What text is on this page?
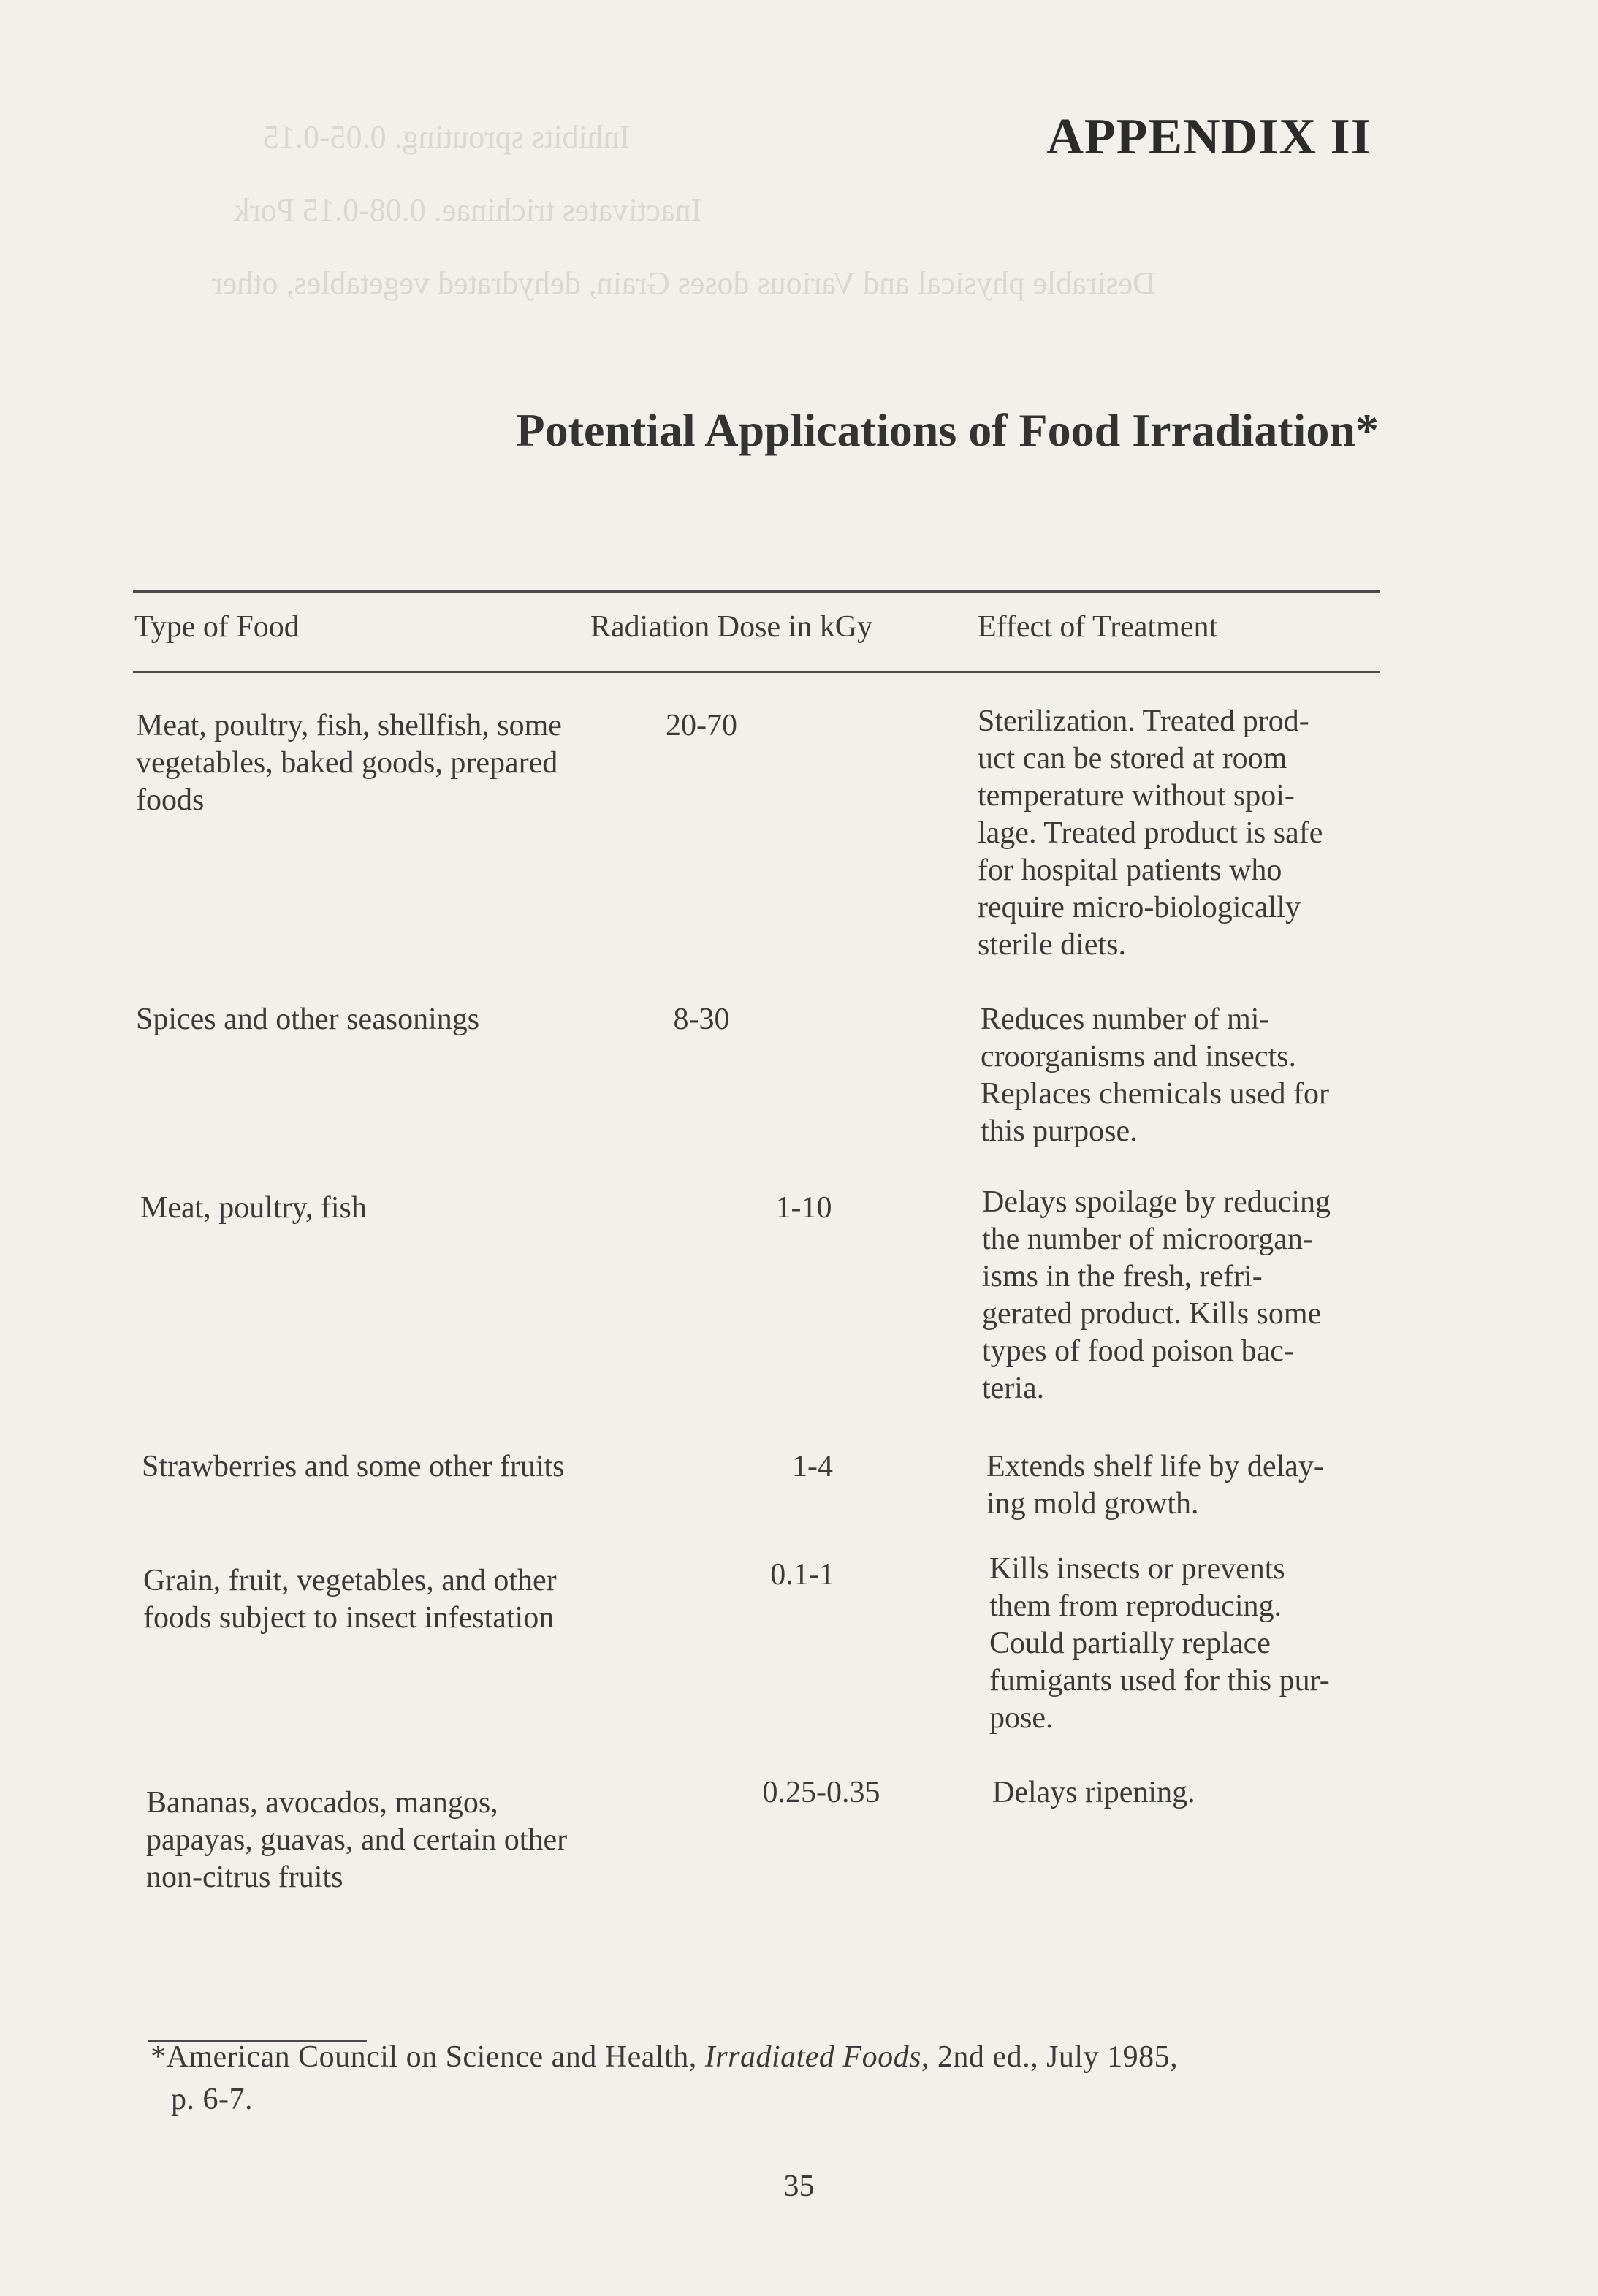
Inhibits sprouting. 0.05-0.15
Inactivates trichinae. 0.08-0.15 Pork
Desirable physical and Various doses Grain, dehydrated vegetables, other
APPENDIX II
Potential Applications of Food Irradiation*
Type of Food	Radiation Dose in kGy	Effect of Treatment
Meat, poultry, fish, shellfish, some
vegetables, baked goods, prepared
foods
20-70	Sterilization. Treated prod-
uct can be stored at room
temperature without spoi-
lage. Treated product is safe
for hospital patients who
require micro-biologically
sterile diets.
Spices and other seasonings	8-30	Reduces number of mi-
croorganisms and insects.
Replaces chemicals used for
this purpose.
Meat, poultry, fish	1-10	Delays spoilage by reducing
the number of microorgan-
isms in the fresh, refri-
gerated product. Kills some
types of food poison bac-
teria.
Strawberries and some other fruits	1-4	Extends shelf life by delay-
ing mold growth.
Grain, fruit, vegetables, and other
foods subject to insect infestation
0.1-1	Kills insects or prevents
them from reproducing.
Could partially replace
fumigants used for this pur-
pose.
Bananas, avocados, mangos,
papayas, guavas, and certain other
non-citrus fruits
0.25-0.35	Delays ripening.
*American Council on Science and Health, Irradiated Foods, 2nd ed., July 1985,
p. 6-7.
35
